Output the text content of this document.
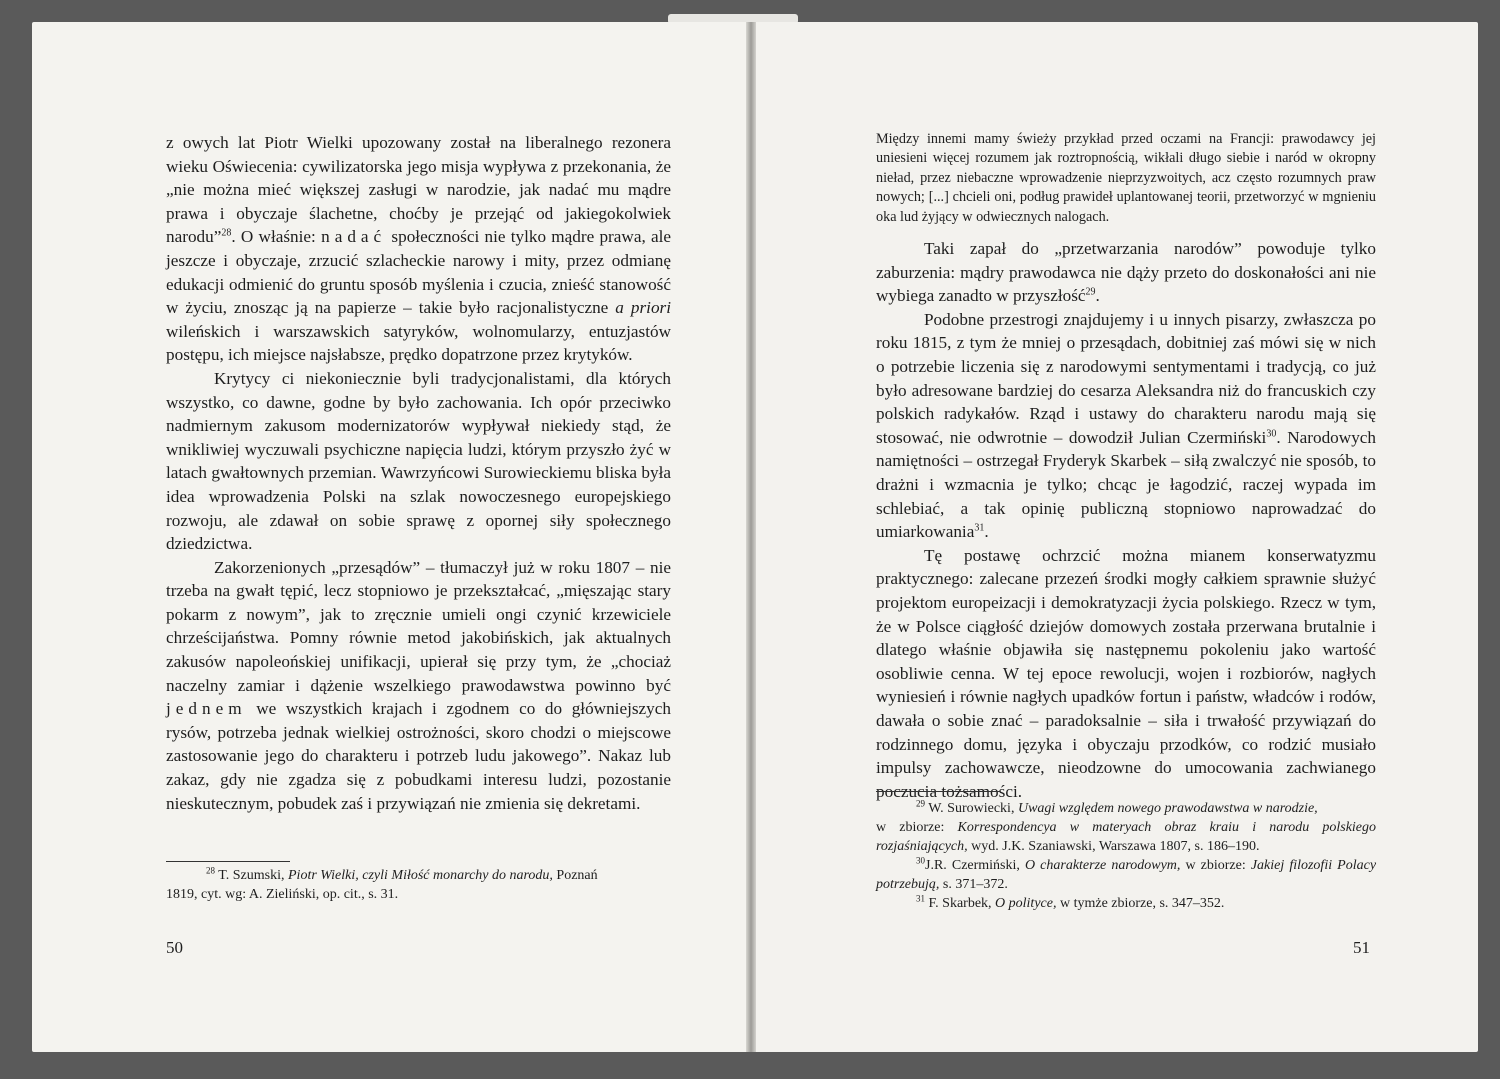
z owych lat Piotr Wielki upozowany został na liberalnego rezonera wieku Oświecenia: cywilizatorska jego misja wypływa z przekonania, że „nie można mieć większej zasługi w narodzie, jak nadać mu mądre prawa i obyczaje ślachetne, choćby je przejąć od jakiegokolwiek narodu”$^{28}$. O właśnie: nadać społeczności nie tylko mądre prawa, ale jeszcze i obyczaje, zrzucić szlacheckie narowy i mity, przez odmianę edukacji odmienić do gruntu sposób myślenia i czucia, znieść stanowość w życiu, znosząc ją na papierze – takie było racjonalistyczne a priori wileńskich i warszawskich satyryków, wolnomularzy, entuzjastów postępu, ich miejsce najsłabsze, prędko dopatrzone przez krytyków.

Krytycy ci niekoniecznie byli tradycjonalistami, dla których wszystko, co dawne, godne by było zachowania. Ich opór przeciwko nadmiernym zakusom modernizatorów wypływał niekiedy stąd, że wnikliwiej wyczuwali psychiczne napięcia ludzi, którym przyszło żyć w latach gwałtownych przemian. Wawrzyńcowi Surowieckiemu bliska była idea wprowadzenia Polski na szlak nowoczesnego europejskiego rozwoju, ale zdawał on sobie sprawę z opornej siły społecznego dziedzictwa.

Zakorzenionych „przesądów” – tłumaczył już w roku 1807 – nie trzeba na gwałt tępić, lecz stopniowo je przekształcać, „mięszając stary pokarm z nowym”, jak to zręcznie umieli ongi czynić krzewiciele chrześcijaństwa. Pomny równie metod jakobińskich, jak aktualnych zakusów napoleońskiej unifikacji, upierał się przy tym, że „chociaż naczelny zamiar i dążenie wszelkiego prawodawstwa powinno być jednem we wszystkich krajach i zgodnem co do główniejszych rysów, potrzeba jednak wielkiej ostrożności, skoro chodzi o miejscowe zastosowanie jego do charakteru i potrzeb ludu jakowego”. Nakaz lub zakaz, gdy nie zgadza się z pobudkami interesu ludzi, pozostanie nieskutecznym, pobudek zaś i przywiązań nie zmienia się dekretami.

$^{28}$ T. Szumski, Piotr Wielki, czyli Miłość monarchy do narodu, Poznań
1819, cyt. wg: A. Zieliński, op. cit., s. 31.
50

Między innemi mamy świeży przykład przed oczami na Francji: prawodawcy jej uniesieni więcej rozumem jak roztropnością, wikłali długo siebie i naród w okropny nieład, przez niebaczne wprowadzenie nieprzyzwoitych, acz często rozumnych praw nowych; [...] chcieli oni, podług prawideł uplantowanej teorii, przetworzyć w mgnieniu oka lud żyjący w odwiecznych nalogach.

Taki zapał do „przetwarzania narodów” powoduje tylko zaburzenia: mądry prawodawca nie dąży przeto do doskonałości ani nie wybiega zanadto w przyszłość$^{29}$.

Podobne przestrogi znajdujemy i u innych pisarzy, zwłaszcza po roku 1815, z tym że mniej o przesądach, dobitniej zaś mówi się w nich o potrzebie liczenia się z narodowymi sentymentami i tradycją, co już było adresowane bardziej do cesarza Aleksandra niż do francuskich czy polskich radykałów. Rząd i ustawy do charakteru narodu mają się stosować, nie odwrotnie – dowodził Julian Czermiński$^{30}$. Narodowych namiętności – ostrzegał Fryderyk Skarbek – siłą zwalczyć nie sposób, to drażni i wzmacnia je tylko; chcąc je łagodzić, raczej wypada im schlebiać, a tak opinię publiczną stopniowo naprowadzać do umiarkowania$^{31}$.

Tę postawę ochrzcić można mianem konserwatyzmu praktycznego: zalecane przezeń środki mogły całkiem sprawnie służyć projektom europeizacji i demokratyzacji życia polskiego. Rzecz w tym, że w Polsce ciągłość dziejów domowych została przerwana brutalnie i dlatego właśnie objawiła się następnemu pokoleniu jako wartość osobliwie cenna. W tej epoce rewolucji, wojen i rozbiorów, nagłych wyniesień i równie nagłych upadków fortun i państw, władców i rodów, dawała o sobie znać – paradoksalnie – siła i trwałość przywiązań do rodzinnego domu, języka i obyczaju przodków, co rodzić musiało impulsy zachowawcze, nieodzowne do umocowania zachwianego poczucia tożsamości.

$^{29}$ W. Surowiecki, Uwagi względem nowego prawodawstwa w narodzie,
w zbiorze: Korrespondencya w materyach obraz kraiu i narodu polskiego rozjaśniających, wyd. J.K. Szaniawski, Warszawa 1807, s. 186–190.
$^{30}$J.R. Czermiński, O charakterze narodowym, w zbiorze: Jakiej filozofii Polacy potrzebują, s. 371–372.
$^{31}$ F. Skarbek, O polityce, w tymże zbiorze, s. 347–352.
51
